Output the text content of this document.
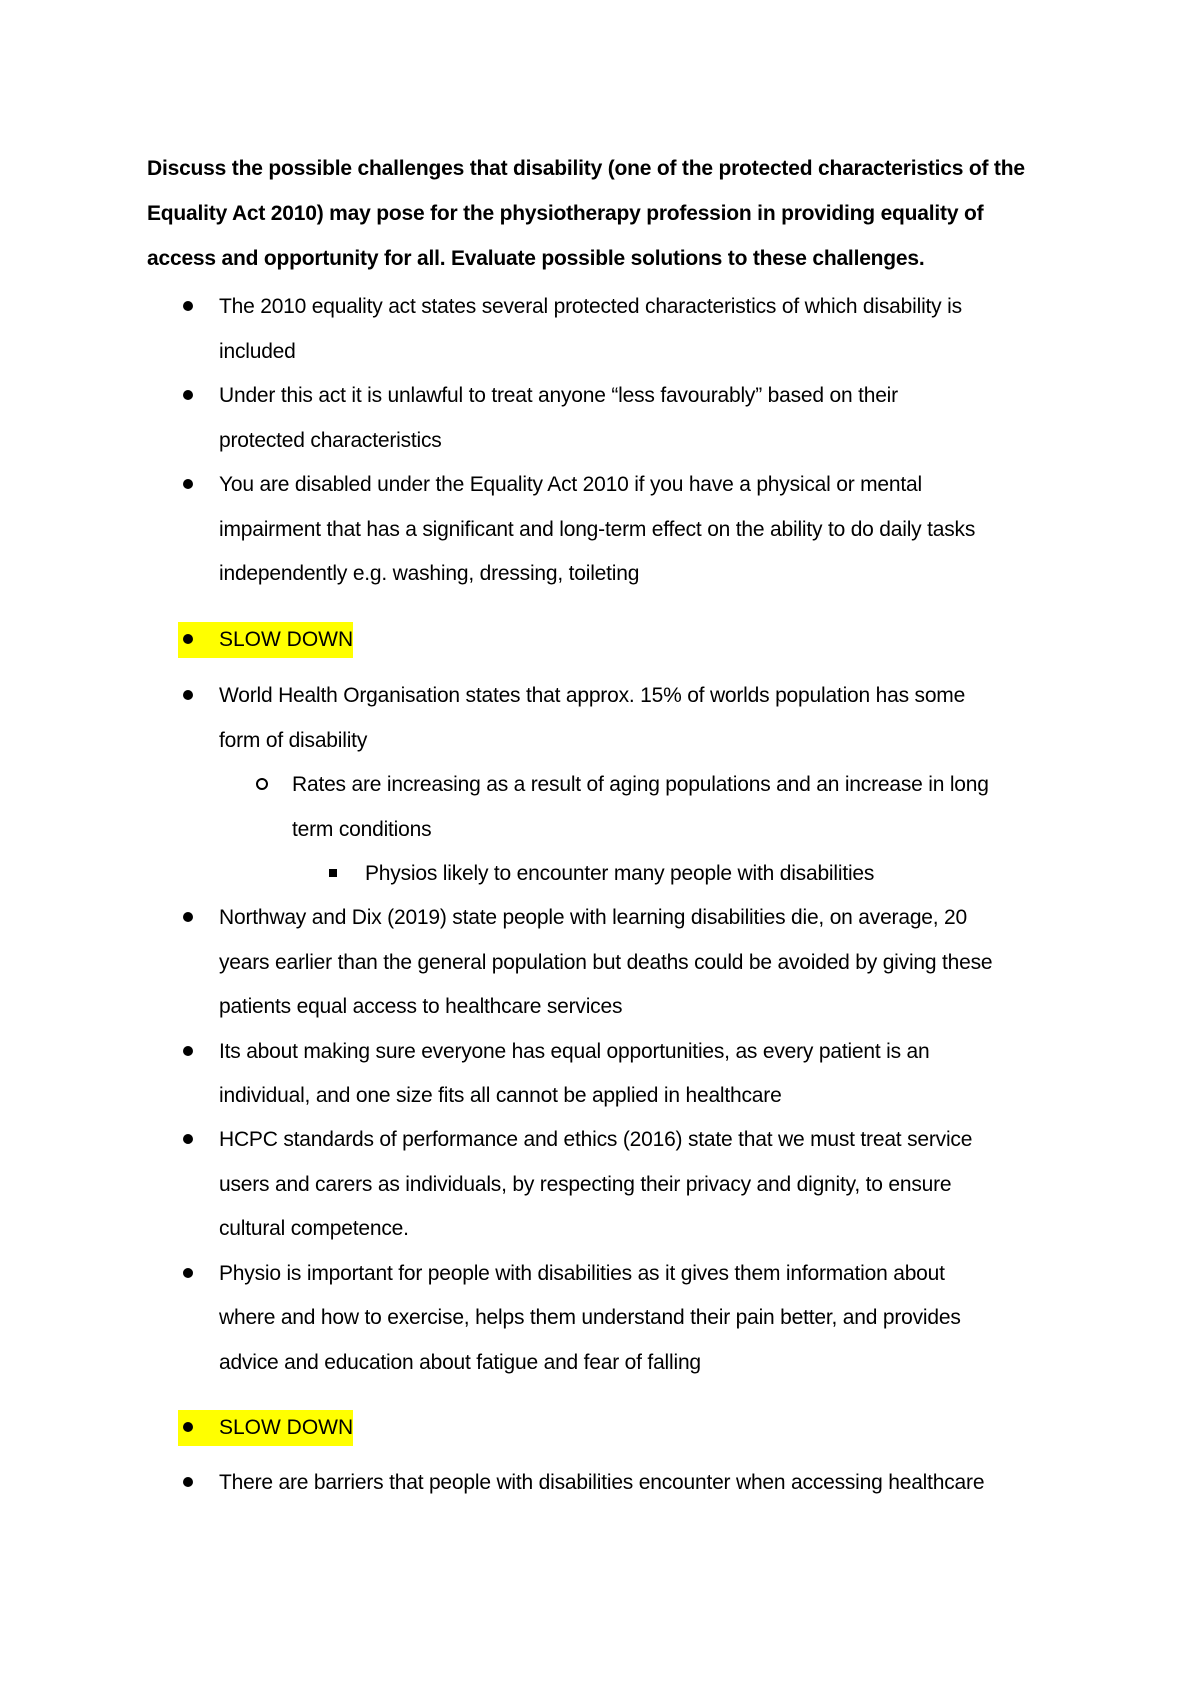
Discuss the possible challenges that disability (one of the protected characteristics of the
Equality Act 2010) may pose for the physiotherapy profession in providing equality of
access and opportunity for all. Evaluate possible solutions to these challenges.
The 2010 equality act states several protected characteristics of which disability is
included
Under this act it is unlawful to treat anyone “less favourably” based on their
protected characteristics
You are disabled under the Equality Act 2010 if you have a physical or mental
impairment that has a significant and long-term effect on the ability to do daily tasks
independently e.g. washing, dressing, toileting
SLOW DOWN
World Health Organisation states that approx. 15% of worlds population has some
form of disability
Rates are increasing as a result of aging populations and an increase in long
term conditions
Physios likely to encounter many people with disabilities
Northway and Dix (2019) state people with learning disabilities die, on average, 20
years earlier than the general population but deaths could be avoided by giving these
patients equal access to healthcare services
Its about making sure everyone has equal opportunities, as every patient is an
individual, and one size fits all cannot be applied in healthcare
HCPC standards of performance and ethics (2016) state that we must treat service
users and carers as individuals, by respecting their privacy and dignity, to ensure
cultural competence.
Physio is important for people with disabilities as it gives them information about
where and how to exercise, helps them understand their pain better, and provides
advice and education about fatigue and fear of falling
SLOW DOWN
There are barriers that people with disabilities encounter when accessing healthcare
